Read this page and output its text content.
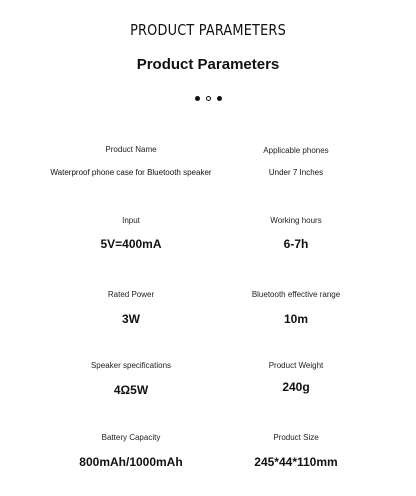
PRODUCT PARAMETERS
Product Parameters
Product Name
Waterproof phone case for Bluetooth speaker
Applicable phones
Under 7 Inches
Input
5V=400mA
Working hours
6-7h
Rated Power
3W
Bluetooth effective range
10m
Speaker specifications
4Ω5W
Product Weight
240g
Battery Capacity
800mAh/1000mAh
Product Size
245*44*110mm
